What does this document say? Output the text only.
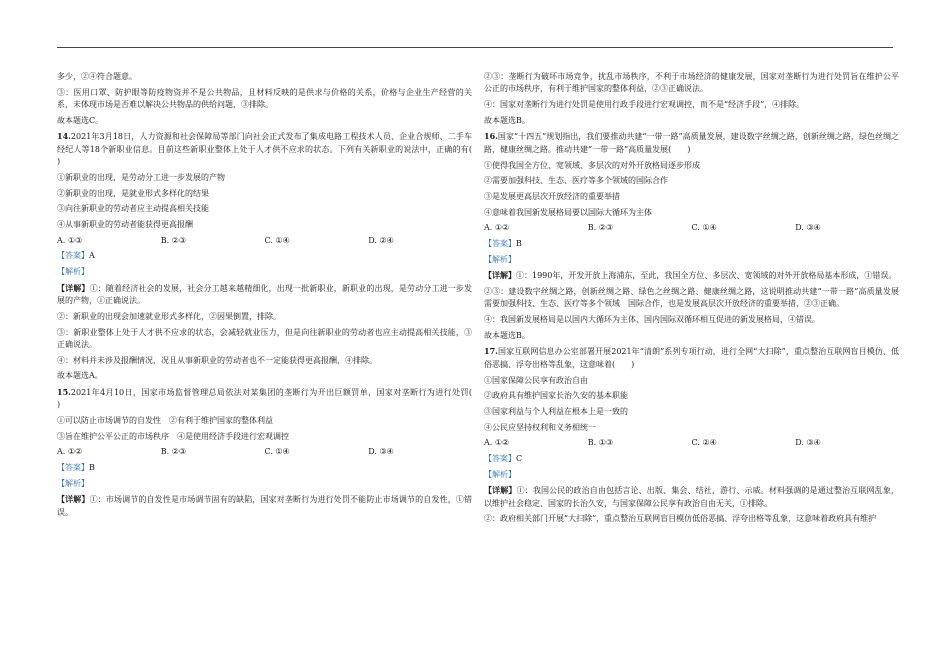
多少，②④符合题意。

③：医用口罩、防护眼等防疫物资并不是公共物品，且材料反映的是供求与价格的关系，价格与企业生产经营的关系，未体现市场是否难以解决公共物品的供给问题，③排除。

故本题选C。

14.2021年3月18日，人力资源和社会保障局等部门向社会正式发布了集成电路工程技术人员、企业合规师、二手车经纪人等18个新职业信息。目前这些新职业整体上处于人才供不应求的状态。下列有关新职业的说法中，正确的有(　　)

①新职业的出现，是劳动分工进一步发展的产物

②新职业的出现，是就业形式多样化的结果

③向往新职业的劳动者应主动提高相关技能

④从事新职业的劳动者能获得更高报酬

A. ①③	B. ②③	C. ①④	D. ②④

【答案】A

【解析】

【详解】①：随着经济社会的发展，社会分工越来越精细化，出现一批新职业，新职业的出现，是劳动分工进一步发展的产物，①正确说法。

②：新职业的出现会加速就业形式多样化，②因果倒置，排除。

③：新职业整体上处于人才供不应求的状态，会减轻就业压力，但是向往新职业的劳动者也应主动提高相关技能，③正确说法。

④：材料并未涉及报酬情况，况且从事新职业的劳动者也不一定能获得更高报酬，④排除。

故本题选A。

15.2021年4月10日，国家市场监督管理总局依法对某集团的垄断行为开出巨额罚单，国家对垄断行为进行处罚(　　)

①可以防止市场调节的自发性　②有利于维护国家的整体利益

③旨在维护公平公正的市场秩序　④是使用经济手段进行宏观调控

A. ①②	B. ②③	C. ①④	D. ③④

【答案】B

【解析】

【详解】①：市场调节的自发性是市场调节固有的缺陷，国家对垄断行为进行处罚不能防止市场调节的自发性，①错误。

②③：垄断行为破坏市场竞争，扰乱市场秩序，不利于市场经济的健康发展，国家对垄断行为进行处罚旨在维护公平公正的市场秩序，有利于维护国家的整体利益，②③正确说法。

④：国家对垄断行为进行处罚是使用行政手段进行宏观调控，而不是“经济手段”，④排除。

故本题选B。

16.国家“十四五”规划指出，我们要推动共建“一带一路”高质量发展，建设数字丝绸之路，创新丝绸之路，绿色丝绸之路，健康丝绸之路。推动共建“一带一路”高质量发展(　　)

①使得我国全方位、宽领域、多层次的对外开放格局逐步形成

②需要加强科技、生态、医疗等多个领域的国际合作

③是发展更高层次开放经济的重要举措

④意味着我国新发展格局要以国际大循环为主体

A. ①②	B. ②③	C. ①④	D. ③④

【答案】B

【解析】

【详解】①：1990年，开发开放上海浦东，至此，我国全方位、多层次、宽领域的对外开放格局基本形成，①错误。

②③：建设数字丝绸之路，创新丝绸之路、绿色之丝绸之路、健康丝绸之路，这说明推动共建“一带一路”高质量发展需要加强科技、生态、医疗等多个领域　国际合作，也是发展高层次开放经济的重要举措，②③正确。

④：我国新发展格局是以国内大循环为主体、国内国际双循环相互促进的新发展格局，④错误。

故本题选B。

17.国家互联网信息办公室部署开展2021年“清朗”系列专项行动，进行全网“大扫除”，重点整治互联网盲目模仿、低俗恶搞、浮夸出格等乱象，这意味着(　　)

①国家保障公民享有政治自由

②政府具有维护国家长治久安的基本职能

③国家利益与个人利益在根本上是一致的

④公民应坚持权利和义务相统一

A. ①②	B. ①③	C. ②④	D. ③④

【答案】C

【解析】

【详解】①：我国公民的政治自由包括言论、出版、集会、结社、游行、示威。材料强调的是通过整治互联网乱象，以维护社会稳定、国家的长治久安，与国家保障公民享有政治自由无关，①排除。

②：政府相关部门开展“大扫除”，重点整治互联网盲目模仿低俗恶搞、浮夸出格等乱象，这意味着政府具有维护
